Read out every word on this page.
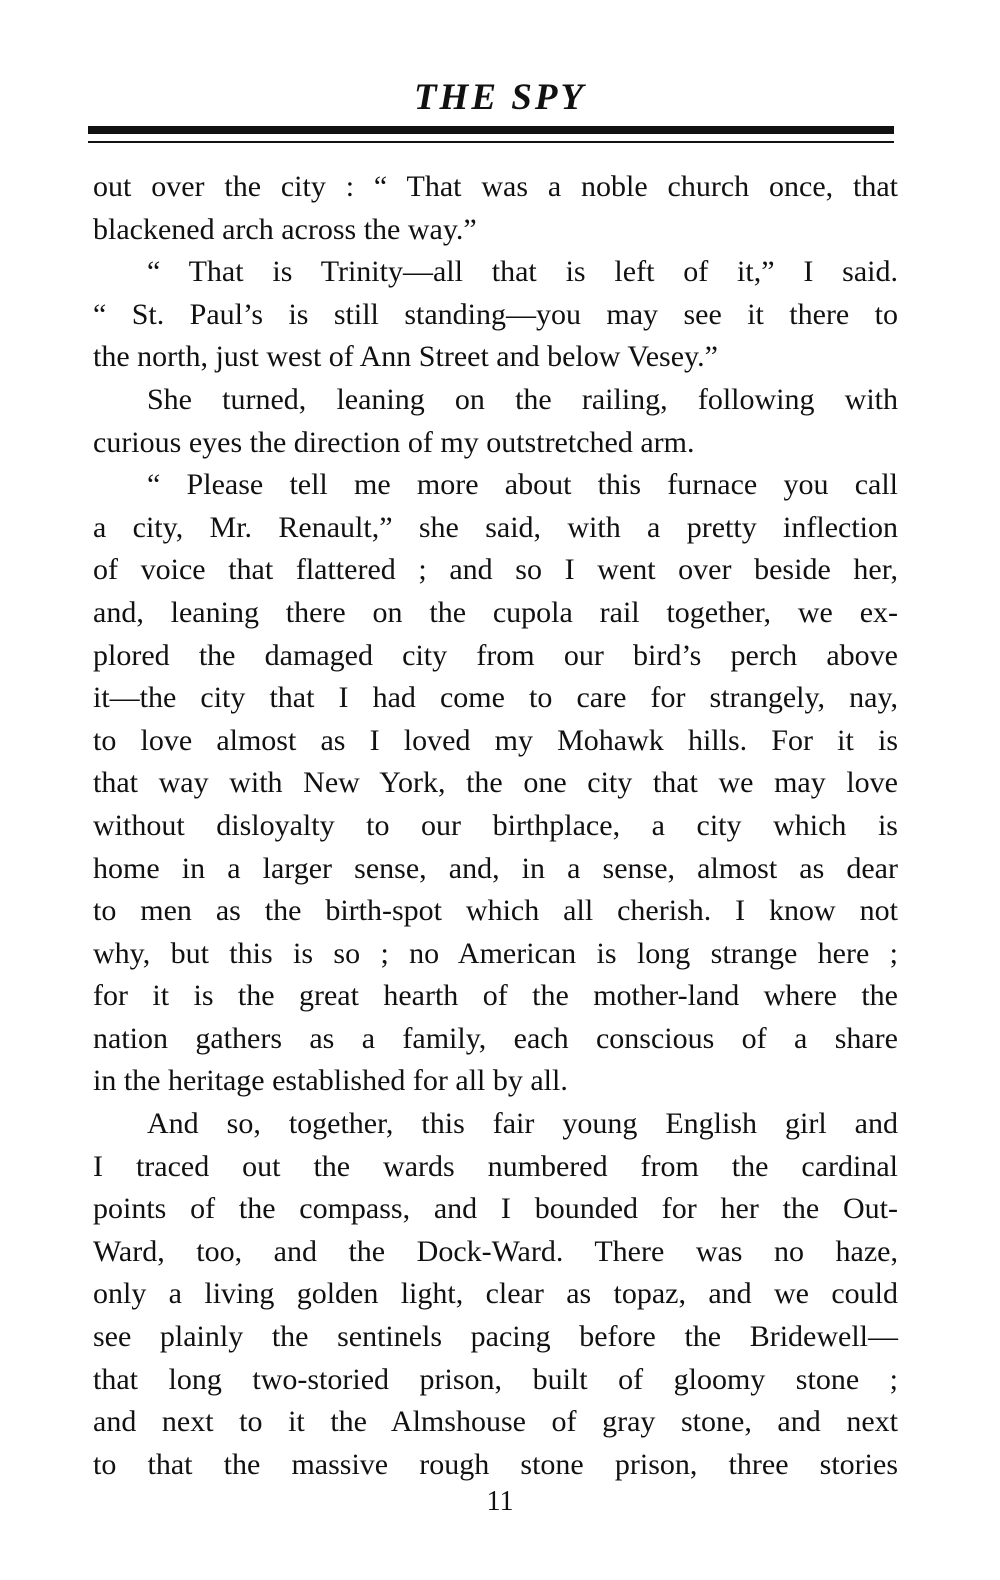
THE SPY
out over the city : “ That was a noble church once, that
blackened arch across the way.”
“ That is Trinity—all that is left of it,” I said.
“ St. Paul’s is still standing—you may see it there to
the north, just west of Ann Street and below Vesey.”
She turned, leaning on the railing, following with
curious eyes the direction of my outstretched arm.
“ Please tell me more about this furnace you call
a city, Mr. Renault,” she said, with a pretty inflection
of voice that flattered ; and so I went over beside her,
and, leaning there on the cupola rail together, we ex-
plored the damaged city from our bird’s perch above
it—the city that I had come to care for strangely, nay,
to love almost as I loved my Mohawk hills. For it is
that way with New York, the one city that we may love
without disloyalty to our birthplace, a city which is
home in a larger sense, and, in a sense, almost as dear
to men as the birth-spot which all cherish. I know not
why, but this is so ; no American is long strange here ;
for it is the great hearth of the mother-land where the
nation gathers as a family, each conscious of a share
in the heritage established for all by all.
And so, together, this fair young English girl and
I traced out the wards numbered from the cardinal
points of the compass, and I bounded for her the Out-
Ward, too, and the Dock-Ward. There was no haze,
only a living golden light, clear as topaz, and we could
see plainly the sentinels pacing before the Bridewell—
that long two-storied prison, built of gloomy stone ;
and next to it the Almshouse of gray stone, and next
to that the massive rough stone prison, three stories
11
